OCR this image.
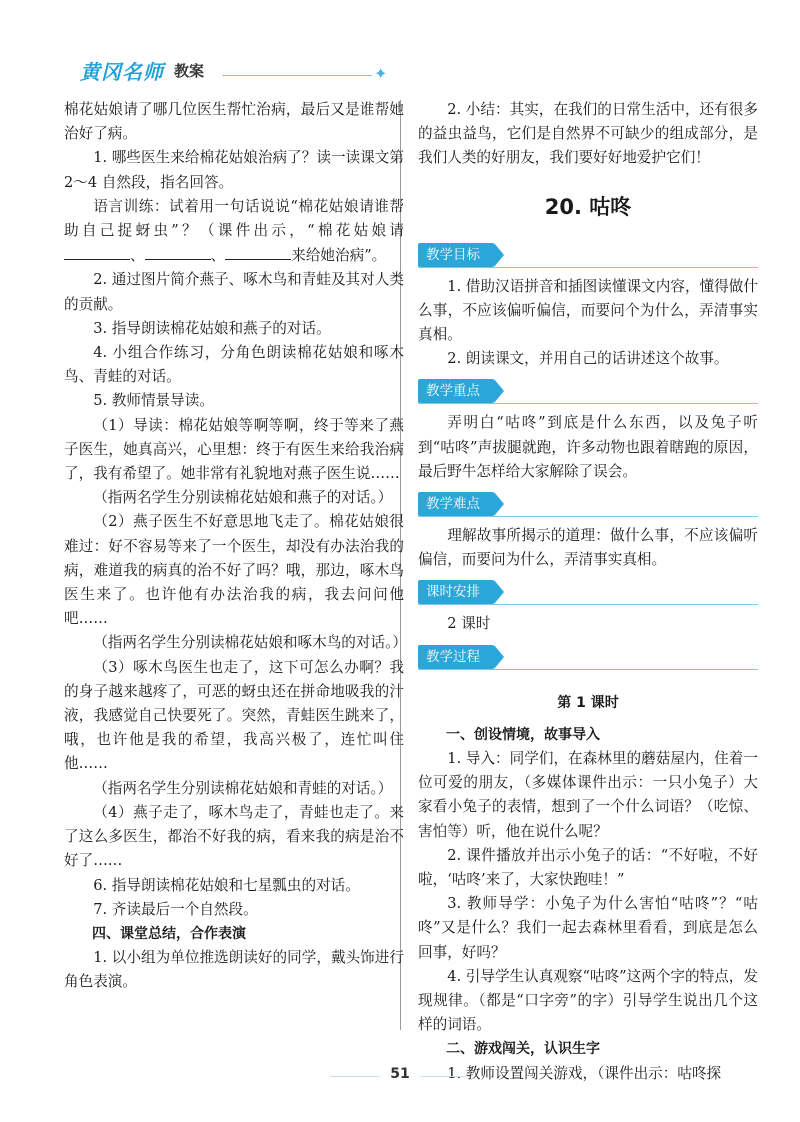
黄冈名师 教案	✦

棉花姑娘请了哪几位医生帮忙治病，最后又是谁帮她治好了病。

1. 哪些医生来给棉花姑娘治病了？读一读课文第 2～4 自然段，指名回答。

语言训练：试着用一句话说说“棉花姑娘请谁帮助自己捉蚜虫”？（课件出示，“棉花姑娘请、	、	来给她治病”。

2. 通过图片简介燕子、啄木鸟和青蛙及其对人类的贡献。

3. 指导朗读棉花姑娘和燕子的对话。

4. 小组合作练习，分角色朗读棉花姑娘和啄木鸟、青蛙的对话。

5. 教师情景导读。

（1）导读：棉花姑娘等啊等啊，终于等来了燕子医生，她真高兴，心里想：终于有医生来给我治病了，我有希望了。她非常有礼貌地对燕子医生说……

（指两名学生分别读棉花姑娘和燕子的对话。）

（2）燕子医生不好意思地飞走了。棉花姑娘很难过：好不容易等来了一个医生，却没有办法治我的病，难道我的病真的治不好了吗？哦，那边，啄木鸟医生来了。也许他有办法治我的病，我去问问他吧……

（指两名学生分别读棉花姑娘和啄木鸟的对话。）

（3）啄木鸟医生也走了，这下可怎么办啊？我的身子越来越疼了，可恶的蚜虫还在拼命地吸我的汁液，我感觉自己快要死了。突然，青蛙医生跳来了，哦，也许他是我的希望，我高兴极了，连忙叫住他……

（指两名学生分别读棉花姑娘和青蛙的对话。）

（4）燕子走了，啄木鸟走了，青蛙也走了。来了这么多医生，都治不好我的病，看来我的病是治不好了……

6. 指导朗读棉花姑娘和七星瓢虫的对话。

7. 齐读最后一个自然段。

四、课堂总结，合作表演

1. 以小组为单位推选朗读好的同学，戴头饰进行角色表演。

2. 小结：其实，在我们的日常生活中，还有很多的益虫益鸟，它们是自然界不可缺少的组成部分，是我们人类的好朋友，我们要好好地爱护它们！

20. 咕咚
教学目标

1. 借助汉语拼音和插图读懂课文内容，懂得做什么事，不应该偏听偏信，而要问个为什么，弄清事实真相。

2. 朗读课文，并用自己的话讲述这个故事。

教学重点

弄明白“咕咚”到底是什么东西，以及兔子听到“咕咚”声拔腿就跑，许多动物也跟着瞎跑的原因，最后野牛怎样给大家解除了误会。

教学难点

理解故事所揭示的道理：做什么事，不应该偏听偏信，而要问为什么，弄清事实真相。

课时安排

2 课时

教学过程
第 1 课时

一、创设情境，故事导入

1. 导入：同学们，在森林里的蘑菇屋内，住着一位可爱的朋友，（多媒体课件出示：一只小兔子）大家看小兔子的表情，想到了一个什么词语？（吃惊、害怕等）听，他在说什么呢？

2. 课件播放并出示小兔子的话：“不好啦，不好啦，‘咕咚’来了，大家快跑哇！”

3. 教师导学：小兔子为什么害怕“咕咚”？“咕咚”又是什么？我们一起去森林里看看，到底是怎么回事，好吗？

4. 引导学生认真观察“咕咚”这两个字的特点，发现规律。（都是“口字旁”的字）引导学生说出几个这样的词语。

二、游戏闯关，认识生字

1. 教师设置闯关游戏，（课件出示：咕咚探

51
